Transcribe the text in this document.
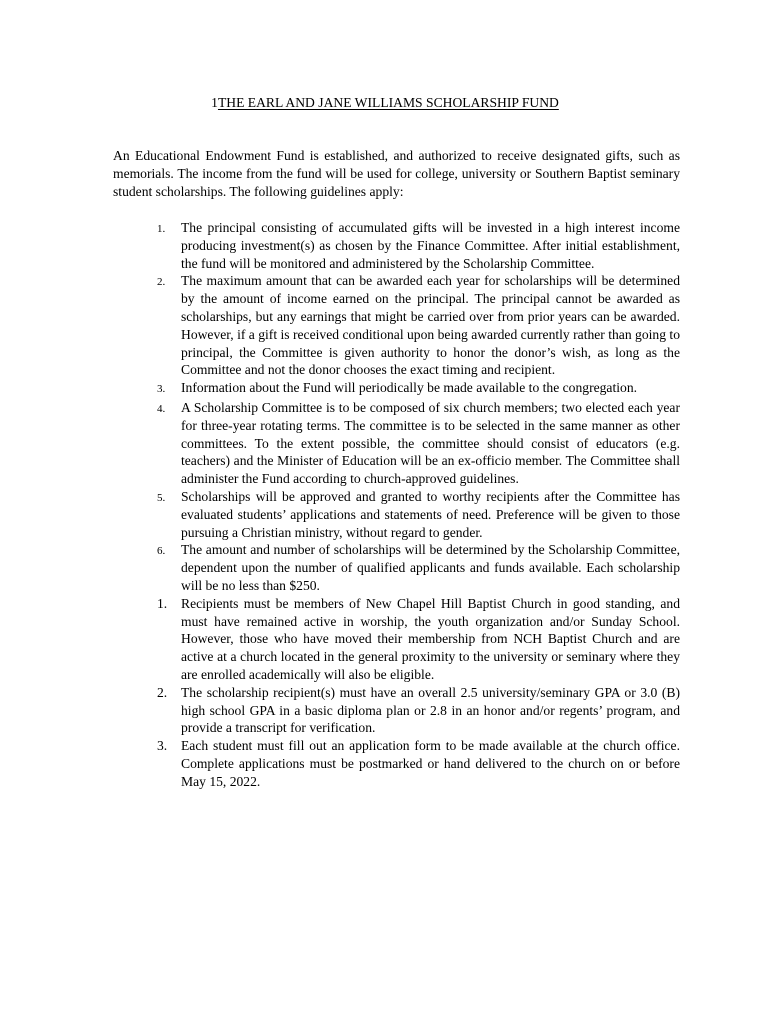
1THE EARL AND JANE WILLIAMS SCHOLARSHIP FUND

An Educational Endowment Fund is established, and authorized to receive designated gifts, such as memorials. The income from the fund will be used for college, university or Southern Baptist seminary student scholarships. The following guidelines apply:

1.	The principal consisting of accumulated gifts will be invested in a high interest income producing investment(s) as chosen by the Finance Committee. After initial establishment, the fund will be monitored and administered by the Scholarship Committee.
2.	The maximum amount that can be awarded each year for scholarships will be determined by the amount of income earned on the principal. The principal cannot be awarded as scholarships, but any earnings that might be carried over from prior years can be awarded. However, if a gift is received conditional upon being awarded currently rather than going to principal, the Committee is given authority to honor the donor’s wish, as long as the Committee and not the donor chooses the exact timing and recipient.
3.	Information about the Fund will periodically be made available to the congregation.
4.	A Scholarship Committee is to be composed of six church members; two elected each year for three-year rotating terms. The committee is to be selected in the same manner as other committees. To the extent possible, the committee should consist of educators (e.g. teachers) and the Minister of Education will be an ex-officio member. The Committee shall administer the Fund according to church-approved guidelines.
5.	Scholarships will be approved and granted to worthy recipients after the Committee has evaluated students’ applications and statements of need. Preference will be given to those pursuing a Christian ministry, without regard to gender.
6.	The amount and number of scholarships will be determined by the Scholarship Committee, dependent upon the number of qualified applicants and funds available. Each scholarship will be no less than $250.
1.	Recipients must be members of New Chapel Hill Baptist Church in good standing, and must have remained active in worship, the youth organization and/or Sunday School. However, those who have moved their membership from NCH Baptist Church and are active at a church located in the general proximity to the university or seminary where they are enrolled academically will also be eligible.
2.	The scholarship recipient(s) must have an overall 2.5 university/seminary GPA or 3.0 (B) high school GPA in a basic diploma plan or 2.8 in an honor and/or regents’ program, and provide a transcript for verification.
3.	Each student must fill out an application form to be made available at the church office. Complete applications must be postmarked or hand delivered to the church on or before May 15, 2022.
